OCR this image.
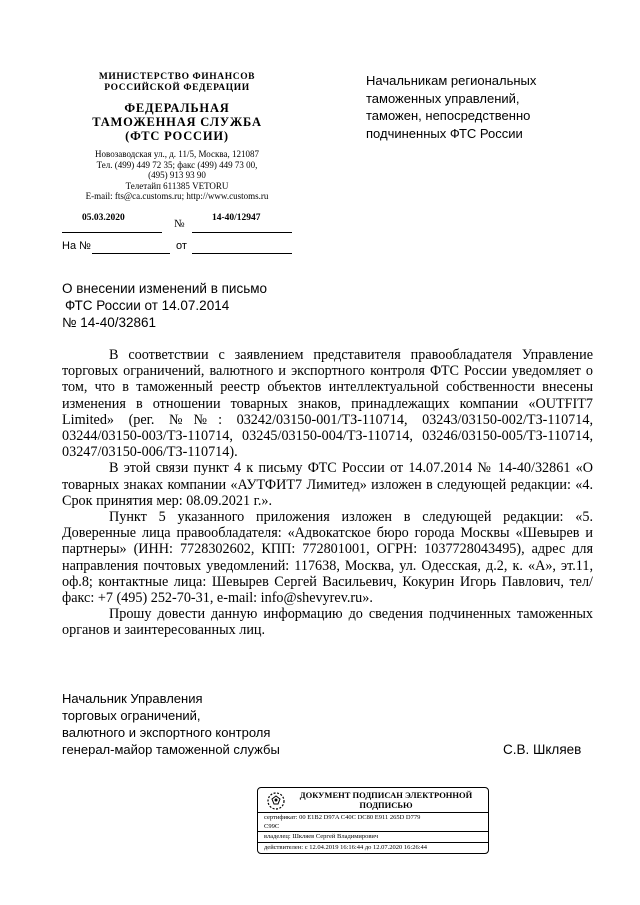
МИНИСТЕРСТВО ФИНАНСОВ
РОССИЙСКОЙ ФЕДЕРАЦИИ
ФЕДЕРАЛЬНАЯ
ТАМОЖЕННАЯ СЛУЖБА
(ФТС РОССИИ)
Новозаводская ул., д. 11/5, Москва, 121087
Тел. (499) 449 72 35; факс (499) 449 73 00,
(495) 913 93 90
Телетайп 611385 VETORU
E-mail: fts@ca.customs.ru; http://www.customs.ru
05.03.2020	№	14-40/12947
На №	от
Начальникам региональных
таможенных управлений,
таможен, непосредственно
подчиненных ФТС России
О внесении изменений в письмо
ФТС России от 14.07.2014
№ 14-40/32861

В соответствии с заявлением представителя правообладателя Управление торговых ограничений, валютного и экспортного контроля ФТС России уведомляет о том, что в таможенный реестр объектов интеллектуальной собственности внесены изменения в отношении товарных знаков, принадлежащих компании «OUTFIT7 Limited» (рег. №№: 03242/03150-001/ТЗ-110714, 03243/03150-002/ТЗ-110714, 03244/03150-003/ТЗ-110714, 03245/03150-004/ТЗ-110714, 03246/03150-005/ТЗ-110714, 03247/03150-006/ТЗ-110714).

В этой связи пункт 4 к письму ФТС России от 14.07.2014 № 14-40/32861 «О товарных знаках компании «АУТФИТ7 Лимитед» изложен в следующей редакции: «4. Срок принятия мер: 08.09.2021 г.».

Пункт 5 указанного приложения изложен в следующей редакции: «5. Доверенные лица правообладателя: «Адвокатское бюро города Москвы «Шевырев и партнеры» (ИНН: 7728302602, КПП: 772801001, ОГРН: 1037728043495), адрес для направления почтовых уведомлений: 117638, Москва, ул. Одесская, д.2, к. «А», эт.11, оф.8; контактные лица: Шевырев Сергей Васильевич, Кокурин Игорь Павлович, тел/факс: +7 (495) 252-70-31, e-mail: info@shevyrev.ru».

Прошу довести данную информацию до сведения подчиненных таможенных органов и заинтересованных лиц.

Начальник Управления
торговых ограничений,
валютного и экспортного контроля
генерал-майор таможенной службы	С.В. Шкляев
ДОКУМЕНТ ПОДПИСАН ЭЛЕКТРОННОЙ
ПОДПИСЬЮ
сертификат: 00 E1B2 D97A C40C DC80 E911 265D D779
C99C
владелец: Шкляев Сергей Владимирович
действителен: с 12.04.2019 16:16:44 до 12.07.2020 16:26:44
